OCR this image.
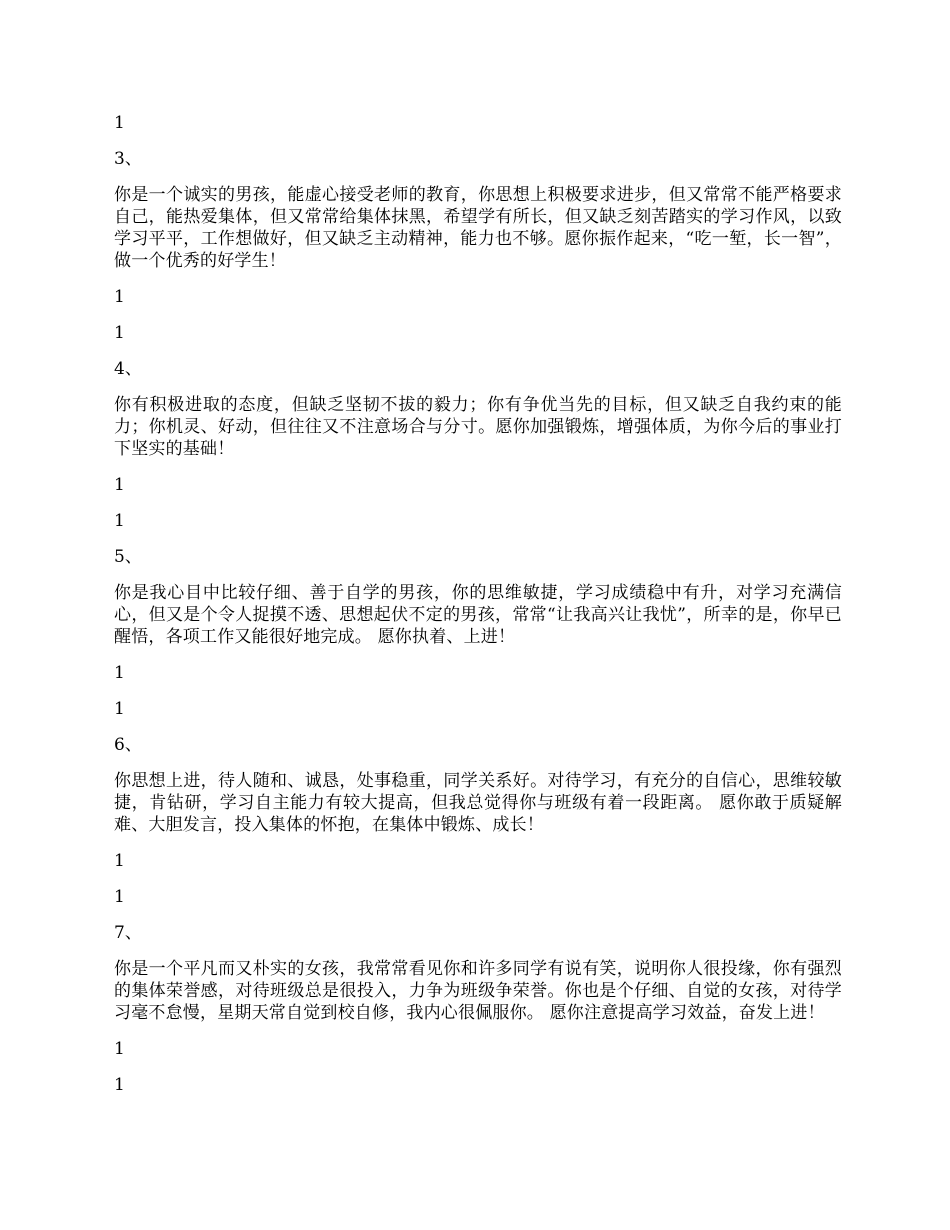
1
3、
你是一个诚实的男孩，能虚心接受老师的教育，你思想上积极要求进步，但又常常不能严格要求自己，能热爱集体，但又常常给集体抹黑，希望学有所长，但又缺乏刻苦踏实的学习作风，以致学习平平，工作想做好，但又缺乏主动精神，能力也不够。愿你振作起来，“吃一堑，长一智”，做一个优秀的好学生！
1
1
4、
你有积极进取的态度，但缺乏坚韧不拔的毅力；你有争优当先的目标，但又缺乏自我约束的能力；你机灵、好动，但往往又不注意场合与分寸。愿你加强锻炼，增强体质，为你今后的事业打下坚实的基础！
1
1
5、
你是我心目中比较仔细、善于自学的男孩，你的思维敏捷，学习成绩稳中有升，对学习充满信心，但又是个令人捉摸不透、思想起伏不定的男孩，常常“让我高兴让我忧”，所幸的是，你早已醒悟，各项工作又能很好地完成。 愿你执着、上进！
1
1
6、
你思想上进，待人随和、诚恳，处事稳重，同学关系好。对待学习，有充分的自信心，思维较敏捷，肯钻研，学习自主能力有较大提高，但我总觉得你与班级有着一段距离。 愿你敢于质疑解难、大胆发言，投入集体的怀抱，在集体中锻炼、成长！
1
1
7、
你是一个平凡而又朴实的女孩，我常常看见你和许多同学有说有笑，说明你人很投缘，你有强烈的集体荣誉感，对待班级总是很投入，力争为班级争荣誉。你也是个仔细、自觉的女孩，对待学习毫不怠慢，星期天常自觉到校自修，我内心很佩服你。 愿你注意提高学习效益，奋发上进！
1
1
